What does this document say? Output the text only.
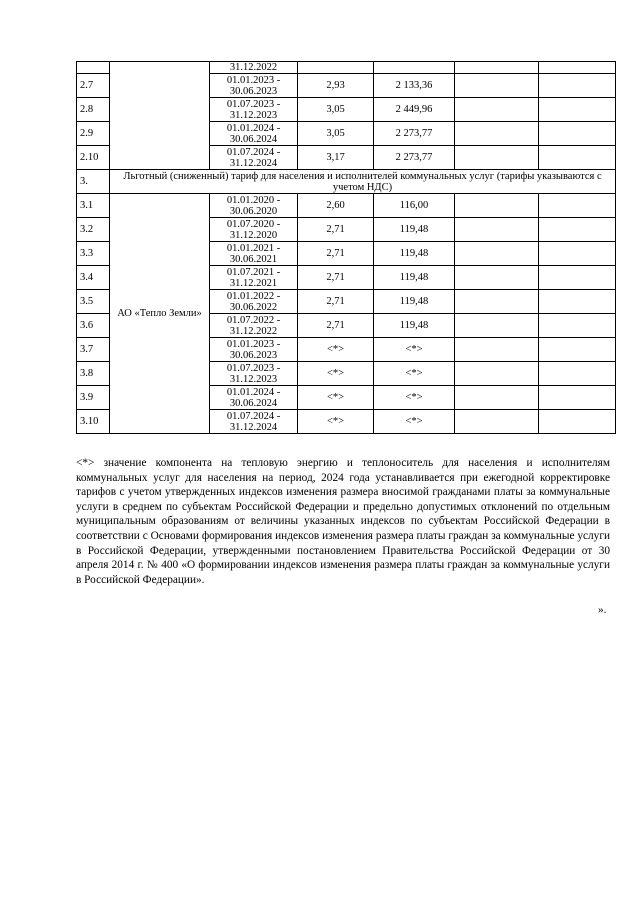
		31.12.2022				
2.7		01.01.2023 - 30.06.2023	2,93	2 133,36		
2.8		01.07.2023 - 31.12.2023	3,05	2 449,96		
2.9		01.01.2024 - 30.06.2024	3,05	2 273,77		
2.10		01.07.2024 - 31.12.2024	3,17	2 273,77		
3.	Льготный (сниженный) тариф для населения и исполнителей коммунальных услуг (тарифы указываются с учетом НДС)					
3.1	АО «Тепло Земли»	01.01.2020 - 30.06.2020	2,60	116,00		
3.2		01.07.2020 - 31.12.2020	2,71	119,48		
3.3		01.01.2021 - 30.06.2021	2,71	119,48		
3.4		01.07.2021 - 31.12.2021	2,71	119,48		
3.5		01.01.2022 - 30.06.2022	2,71	119,48		
3.6		01.07.2022 - 31.12.2022	2,71	119,48		
3.7		01.01.2023 - 30.06.2023	<*>	<*>		
3.8		01.07.2023 - 31.12.2023	<*>	<*>		
3.9		01.01.2024 - 30.06.2024	<*>	<*>		
3.10		01.07.2024 - 31.12.2024	<*>	<*>		

<*> значение компонента на тепловую энергию и теплоноситель для населения и исполнителям коммунальных услуг для населения на период, 2024 года устанавливается при ежегодной корректировке тарифов с учетом утвержденных индексов изменения размера вносимой гражданами платы за коммунальные услуги в среднем по субъектам Российской Федерации и предельно допустимых отклонений по отдельным муниципальным образованиям от величины указанных индексов по субъектам Российской Федерации в соответствии с Основами формирования индексов изменения размера платы граждан за коммунальные услуги в Российской Федерации, утвержденными постановлением Правительства Российской Федерации от 30 апреля 2014 г. № 400 «О формировании индексов изменения размера платы граждан за коммунальные услуги в Российской Федерации».

».
